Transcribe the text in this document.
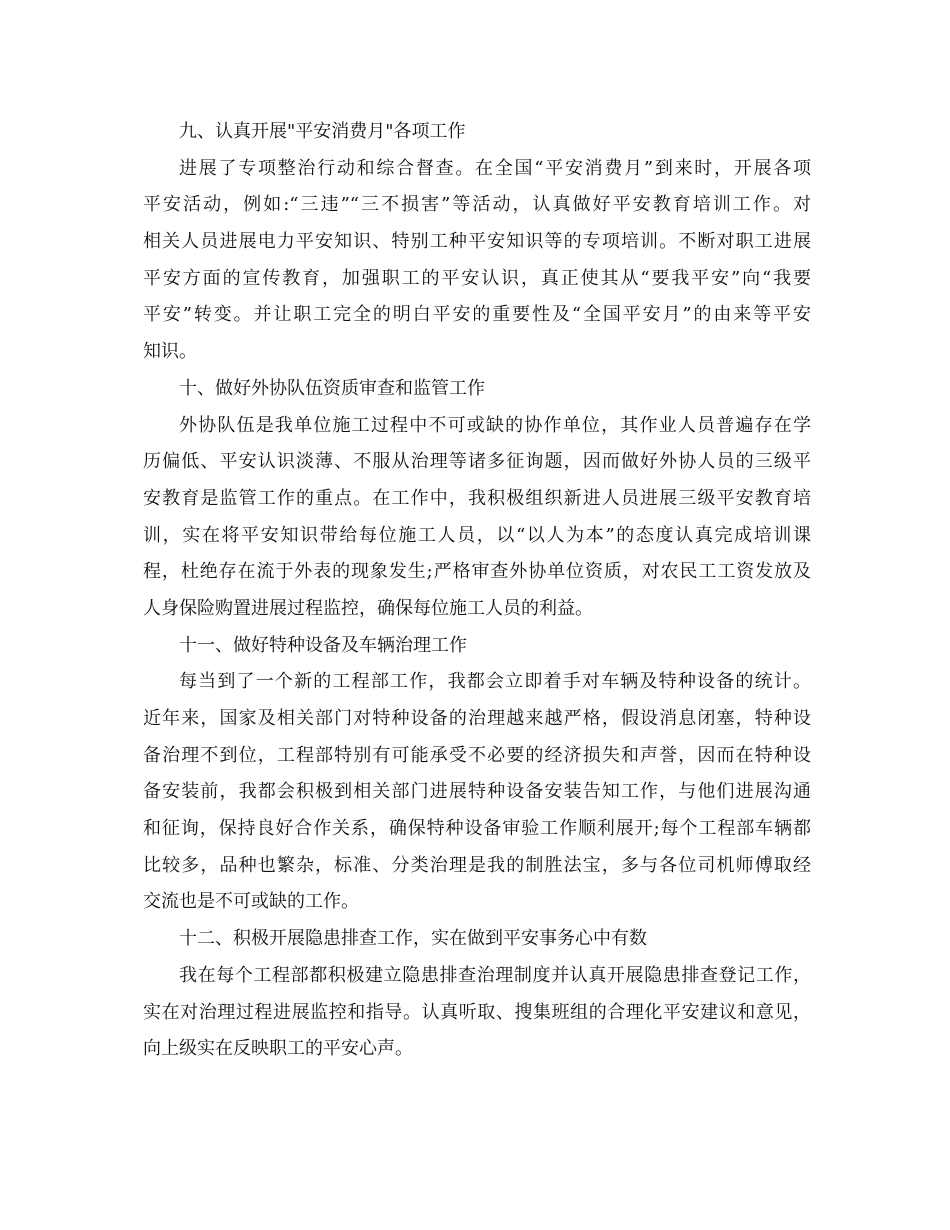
九、认真开展"平安消费月"各项工作
进展了专项整治行动和综合督查。在全国“平安消费月”到来时，开展各项
平安活动，例如:“三违”“三不损害”等活动，认真做好平安教育培训工作。对
相关人员进展电力平安知识、特别工种平安知识等的专项培训。不断对职工进展
平安方面的宣传教育，加强职工的平安认识，真正使其从“要我平安”向“我要
平安”转变。并让职工完全的明白平安的重要性及“全国平安月”的由来等平安
知识。
十、做好外协队伍资质审查和监管工作
外协队伍是我单位施工过程中不可或缺的协作单位，其作业人员普遍存在学
历偏低、平安认识淡薄、不服从治理等诸多征询题，因而做好外协人员的三级平
安教育是监管工作的重点。在工作中，我积极组织新进人员进展三级平安教育培
训，实在将平安知识带给每位施工人员，以“以人为本”的态度认真完成培训课
程，杜绝存在流于外表的现象发生;严格审查外协单位资质，对农民工工资发放及
人身保险购置进展过程监控，确保每位施工人员的利益。
十一、做好特种设备及车辆治理工作
每当到了一个新的工程部工作，我都会立即着手对车辆及特种设备的统计。
近年来，国家及相关部门对特种设备的治理越来越严格，假设消息闭塞，特种设
备治理不到位，工程部特别有可能承受不必要的经济损失和声誉，因而在特种设
备安装前，我都会积极到相关部门进展特种设备安装告知工作，与他们进展沟通
和征询，保持良好合作关系，确保特种设备审验工作顺利展开;每个工程部车辆都
比较多，品种也繁杂，标准、分类治理是我的制胜法宝，多与各位司机师傅取经
交流也是不可或缺的工作。
十二、积极开展隐患排查工作，实在做到平安事务心中有数
我在每个工程部都积极建立隐患排查治理制度并认真开展隐患排查登记工作，
实在对治理过程进展监控和指导。认真听取、搜集班组的合理化平安建议和意见，
向上级实在反映职工的平安心声。
